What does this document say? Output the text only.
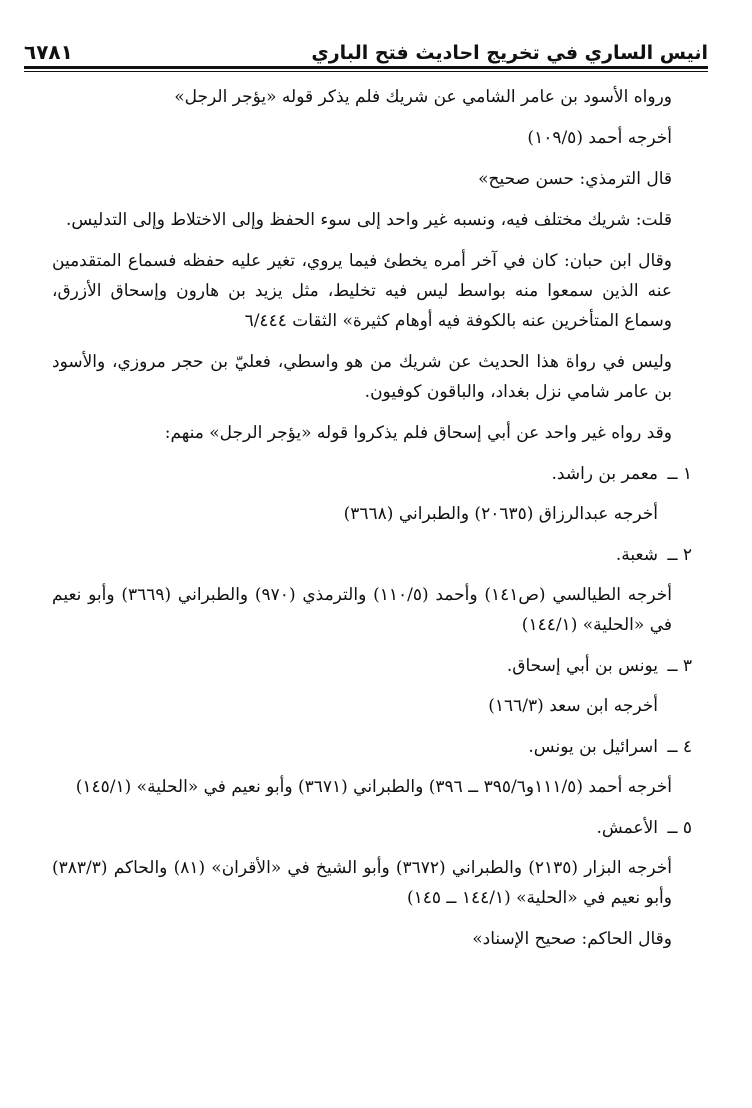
انيس الساري في تخريج احاديث فتح الباري
٦٧٨١

ورواه الأسود بن عامر الشامي عن شريك فلم يذكر قوله «يؤجر الرجل»

أخرجه أحمد (١٠٩/٥)

قال الترمذي: حسن صحيح»

قلت: شريك مختلف فيه، ونسبه غير واحد إلى سوء الحفظ وإلى الاختلاط وإلى التدليس.

وقال ابن حبان: كان في آخر أمره يخطئ فيما يروي، تغير عليه حفظه فسماع المتقدمين عنه الذين سمعوا منه بواسط ليس فيه تخليط، مثل يزيد بن هارون وإسحاق الأزرق، وسماع المتأخرين عنه بالكوفة فيه أوهام كثيرة» الثقات ٦/٤٤٤

وليس في رواة هذا الحديث عن شريك من هو واسطي، فعليّ بن حجر مروزي، والأسود بن عامر شامي نزل بغداد، والباقون كوفيون.

وقد رواه غير واحد عن أبي إسحاق فلم يذكروا قوله «يؤجر الرجل» منهم:

١ ــ
معمر بن راشد.

أخرجه عبدالرزاق (٢٠٦٣٥) والطبراني (٣٦٦٨)

٢ ــ
شعبة.

أخرجه الطيالسي (ص١٤١) وأحمد (١١٠/٥) والترمذي (٩٧٠) والطبراني (٣٦٦٩) وأبو نعيم في «الحلية» (١٤٤/١)

٣ ــ
يونس بن أبي إسحاق.

أخرجه ابن سعد (١٦٦/٣)

٤ ــ
اسرائيل بن يونس.

أخرجه أحمد (١١١/٥و٣٩٥/٦ ــ ٣٩٦) والطبراني (٣٦٧١) وأبو نعيم في «الحلية» (١٤٥/١)

٥ ــ
الأعمش.

أخرجه البزار (٢١٣٥) والطبراني (٣٦٧٢) وأبو الشيخ في «الأقران» (٨١) والحاكم (٣٨٣/٣) وأبو نعيم في «الحلية» (١٤٤/١ ــ ١٤٥)

وقال الحاكم: صحيح الإسناد»
